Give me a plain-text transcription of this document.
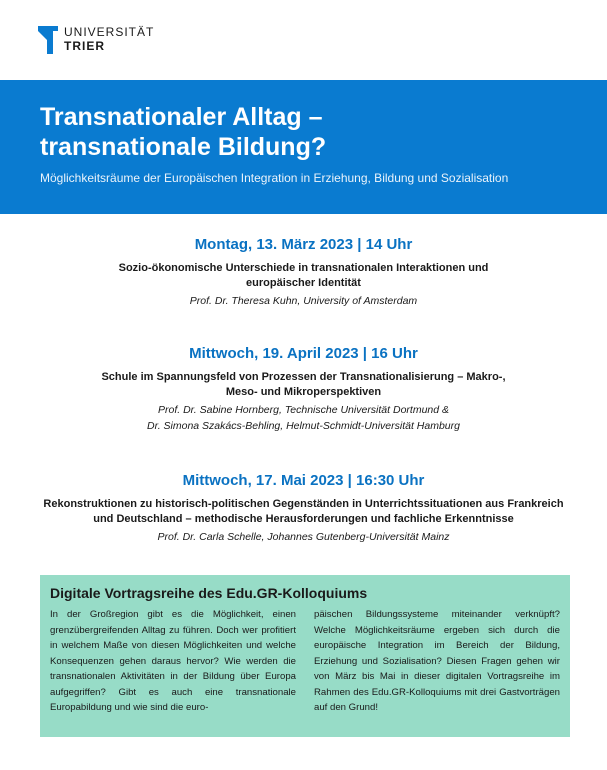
UNIVERSITÄT
TRIER
Transnationaler Alltag – transnationale Bildung?
Möglichkeitsräume der Europäischen Integration in Erziehung, Bildung und Sozialisation
Montag, 13. März 2023 | 14 Uhr
Sozio-ökonomische Unterschiede in transnationalen Interaktionen und europäischer Identität
Prof. Dr. Theresa Kuhn, University of Amsterdam
Mittwoch, 19. April 2023 | 16 Uhr
Schule im Spannungsfeld von Prozessen der Transnationalisierung – Makro-, Meso- und Mikroperspektiven
Prof. Dr. Sabine Hornberg, Technische Universität Dortmund &
Dr. Simona Szakács-Behling, Helmut-Schmidt-Universität Hamburg
Mittwoch, 17. Mai 2023 | 16:30 Uhr
Rekonstruktionen zu historisch-politischen Gegenständen in Unterrichtssituationen aus Frankreich und Deutschland – methodische Herausforderungen und fachliche Erkenntnisse
Prof. Dr. Carla Schelle, Johannes Gutenberg-Universität Mainz
Digitale Vortragsreihe des Edu.GR-Kolloquiums
In der Großregion gibt es die Möglichkeit, einen grenzübergreifenden Alltag zu führen. Doch wer profitiert in welchem Maße von diesen Möglichkeiten und welche Konsequenzen gehen daraus hervor? Wie werden die transnationalen Aktivitäten in der Bildung über Europa aufgegriffen? Gibt es auch eine transnationale Europabildung und wie sind die euro-
päischen Bildungssysteme miteinander verknüpft? Welche Möglichkeitsräume ergeben sich durch die europäische Integration im Bereich der Bildung, Erziehung und Sozialisation? Diesen Fragen gehen wir von März bis Mai in dieser digitalen Vortragsreihe im Rahmen des Edu.GR-Kolloquiums mit drei Gastvorträgen auf den Grund!
